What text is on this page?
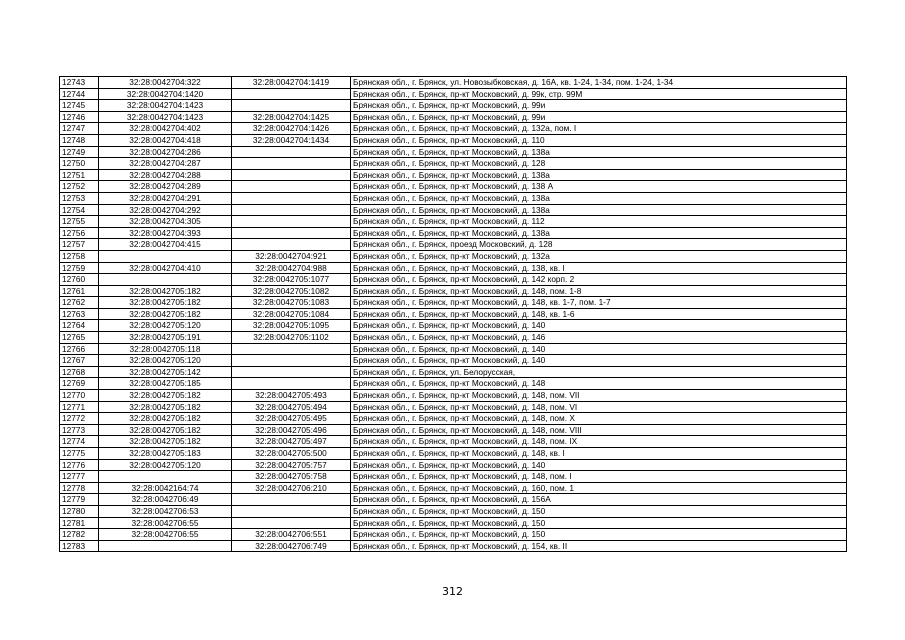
12743	32:28:0042704:322	32:28:0042704:1419	Брянская обл., г. Брянск, ул. Новозыбковская, д. 16А, кв. 1-24, 1-34, пом. 1-24, 1-34
12744	32:28:0042704:1420		Брянская обл., г. Брянск, пр-кт Московский, д. 99к, стр. 99М
12745	32:28:0042704:1423		Брянская обл., г. Брянск, пр-кт Московский, д. 99и
12746	32:28:0042704:1423	32:28:0042704:1425	Брянская обл., г. Брянск, пр-кт Московский, д. 99и
12747	32:28:0042704:402	32:28:0042704:1426	Брянская обл., г. Брянск, пр-кт Московский, д. 132а, пом. I
12748	32:28:0042704:418	32:28:0042704:1434	Брянская обл., г. Брянск, пр-кт Московский, д. 110
12749	32:28:0042704:286		Брянская обл., г. Брянск, пр-кт Московский, д. 138а
12750	32:28:0042704:287		Брянская обл., г. Брянск, пр-кт Московский, д. 128
12751	32:28:0042704:288		Брянская обл., г. Брянск, пр-кт Московский, д. 138а
12752	32:28:0042704:289		Брянская обл., г. Брянск, пр-кт Московский, д. 138 А
12753	32:28:0042704:291		Брянская обл., г. Брянск, пр-кт Московский, д. 138а
12754	32:28:0042704:292		Брянская обл., г. Брянск, пр-кт Московский, д. 138а
12755	32:28:0042704:305		Брянская обл., г. Брянск, пр-кт Московский, д. 112
12756	32:28:0042704:393		Брянская обл., г. Брянск, пр-кт Московский, д. 138а
12757	32:28:0042704:415		Брянская обл., г. Брянск, проезд Московский, д. 128
12758		32:28:0042704:921	Брянская обл., г. Брянск, пр-кт Московский, д. 132а
12759	32:28:0042704:410	32:28:0042704:988	Брянская обл., г. Брянск, пр-кт Московский, д. 138, кв. I
12760		32:28:0042705:1077	Брянская обл., г. Брянск, пр-кт Московский, д. 142 корп. 2
12761	32:28:0042705:182	32:28:0042705:1082	Брянская обл., г. Брянск, пр-кт Московский, д. 148, пом. 1-8
12762	32:28:0042705:182	32:28:0042705:1083	Брянская обл., г. Брянск, пр-кт Московский, д. 148, кв. 1-7, пом. 1-7
12763	32:28:0042705:182	32:28:0042705:1084	Брянская обл., г. Брянск, пр-кт Московский, д. 148, кв. 1-6
12764	32:28:0042705:120	32:28:0042705:1095	Брянская обл., г. Брянск, пр-кт Московский, д. 140
12765	32:28:0042705:191	32:28:0042705:1102	Брянская обл., г. Брянск, пр-кт Московский, д. 146
12766	32:28:0042705:118		Брянская обл., г. Брянск, пр-кт Московский, д. 140
12767	32:28:0042705:120		Брянская обл., г. Брянск, пр-кт Московский, д. 140
12768	32:28:0042705:142		Брянская обл., г. Брянск, ул. Белорусская,
12769	32:28:0042705:185		Брянская обл., г. Брянск, пр-кт Московский, д. 148
12770	32:28:0042705:182	32:28:0042705:493	Брянская обл., г. Брянск, пр-кт Московский, д. 148, пом. VII
12771	32:28:0042705:182	32:28:0042705:494	Брянская обл., г. Брянск, пр-кт Московский, д. 148, пом. VI
12772	32:28:0042705:182	32:28:0042705:495	Брянская обл., г. Брянск, пр-кт Московский, д. 148, пом. X
12773	32:28:0042705:182	32:28:0042705:496	Брянская обл., г. Брянск, пр-кт Московский, д. 148, пом. VIII
12774	32:28:0042705:182	32:28:0042705:497	Брянская обл., г. Брянск, пр-кт Московский, д. 148, пом. IX
12775	32:28:0042705:183	32:28:0042705:500	Брянская обл., г. Брянск, пр-кт Московский, д. 148, кв. I
12776	32:28:0042705:120	32:28:0042705:757	Брянская обл., г. Брянск, пр-кт Московский, д. 140
12777		32:28:0042705:758	Брянская обл., г. Брянск, пр-кт Московский, д. 148, пом. I
12778	32:28:0042164:74	32:28:0042706:210	Брянская обл., г. Брянск, пр-кт Московский, д. 160, пом. 1
12779	32:28:0042706:49		Брянская обл., г. Брянск, пр-кт Московский, д. 156А
12780	32:28:0042706:53		Брянская обл., г. Брянск, пр-кт Московский, д. 150
12781	32:28:0042706:55		Брянская обл., г. Брянск, пр-кт Московский, д. 150
12782	32:28:0042706:55	32:28:0042706:551	Брянская обл., г. Брянск, пр-кт Московский, д. 150
12783		32:28:0042706:749	Брянская обл., г. Брянск, пр-кт Московский, д. 154, кв. II
312
